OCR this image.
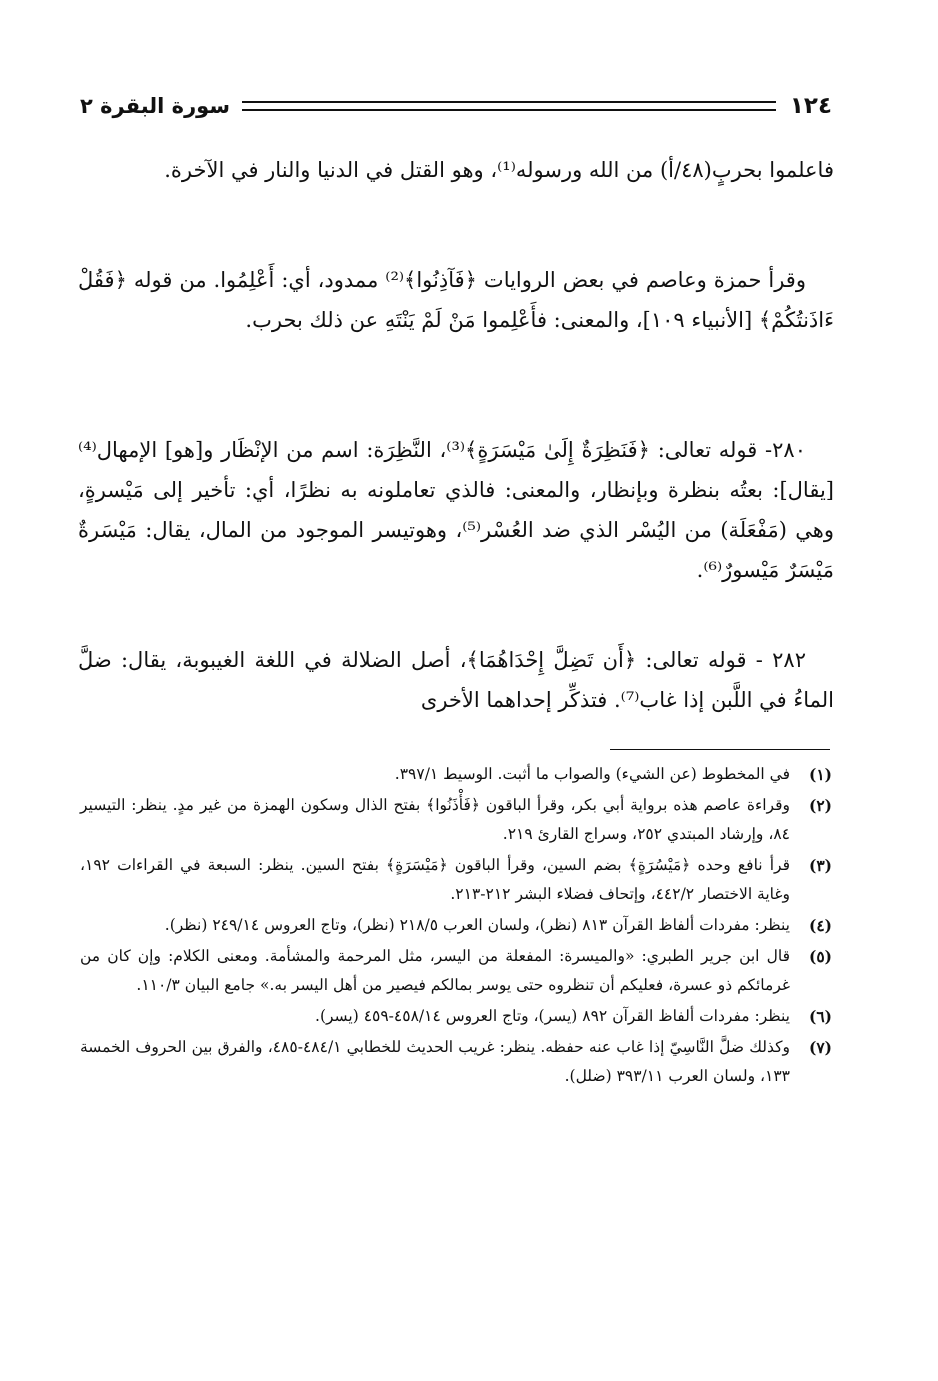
١٢٤
سورة البقرة ٢

فاعلموا بحربٍ(٤٨/أ) من الله ورسوله⁽¹⁾، وهو القتل في الدنيا والنار في الآخرة.

وقرأ حمزة وعاصم في بعض الروايات ﴿فَآذِنُوا﴾⁽²⁾ ممدود، أي: أَعْلِمُوا. من قوله ﴿فَقُلْ ءَاذَنتُكُمْ﴾ [الأنبياء ١٠٩]، والمعنى: فأَعْلِموا مَنْ لَمْ يَنْتَهِ عن ذلك بحرب.

٢٨٠- قوله تعالى: ﴿فَنَظِرَةٌ إِلَىٰ مَيْسَرَةٍ﴾⁽³⁾، النَّظِرَة: اسم من الإنْظَار و[هو] الإمهال⁽⁴⁾ [يقال]: بعتُه بنظرة وبإنظار، والمعنى: فالذي تعاملونه به نظرًا، أي: تأخير إلى مَيْسرةٍ، وهي (مَفْعَلَة) من اليُسْر الذي ضد العُسْر⁽⁵⁾، وهوتيسر الموجود من المال، يقال: مَيْسَرةٌ مَيْسَرٌ مَيْسورٌ⁽⁶⁾.

٢٨٢ - قوله تعالى: ﴿أَن تَضِلَّ إِحْدَاهُمَا﴾، أصل الضلالة في اللغة الغيبوبة، يقال: ضلَّ الماءُ في اللَّبن إذا غاب⁽⁷⁾. فتذكِّر إحداهما الأخرى

(١)
في المخطوط (عن الشيء) والصواب ما أثبت. الوسيط ٣٩٧/١.
(٢)
وقراءة عاصم هذه برواية أبي بكر، وقرأ الباقون ﴿فَأْذَنُوا﴾ بفتح الذال وسكون الهمزة من غير مدٍ. ينظر: التيسير ٨٤، وإرشاد المبتدي ٢٥٢، وسراج القارئ ٢١٩.
(٣)
قرأ نافع وحده ﴿مَيْسُرَةٍ﴾ بضم السين، وقرأ الباقون ﴿مَيْسَرَةٍ﴾ بفتح السين. ينظر: السبعة في القراءات ١٩٢، وغاية الاختصار ٤٤٢/٢، وإتحاف فضلاء البشر ٢١٢-٢١٣.
(٤)
ينظر: مفردات ألفاظ القرآن ٨١٣ (نظر)، ولسان العرب ٢١٨/٥ (نظر)، وتاج العروس ٢٤٩/١٤ (نظر).
(٥)
قال ابن جرير الطبري: «والميسرة: المفعلة من اليسر، مثل المرحمة والمشأمة. ومعنى الكلام: وإن كان من غرمائكم ذو عسرة، فعليكم أن تنظروه حتى يوسر بمالكم فيصير من أهل اليسر به.» جامع البيان ١١٠/٣.
(٦)
ينظر: مفردات ألفاظ القرآن ٨٩٢ (يسر)، وتاج العروس ٤٥٨/١٤-٤٥٩ (يسر).
(٧)
وكذلك ضلَّ النَّاسِيّ إذا غاب عنه حفظه. ينظر: غريب الحديث للخطابي ٤٨٤/١-٤٨٥، والفرق بين الحروف الخمسة ١٣٣، ولسان العرب ٣٩٣/١١ (ضلل).
